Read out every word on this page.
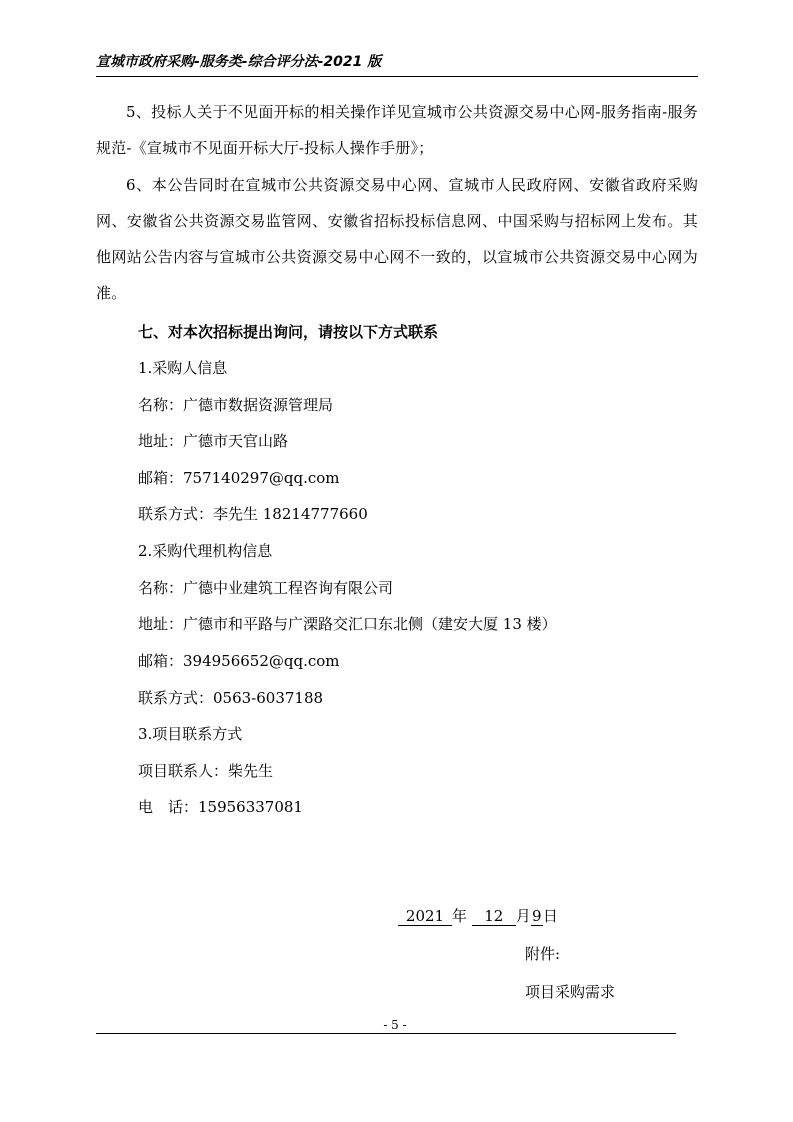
宣城市政府采购-服务类-综合评分法-2021 版

5、投标人关于不见面开标的相关操作详见宣城市公共资源交易中心网-服务指南-服务规范-《宣城市不见面开标大厅-投标人操作手册》；

6、本公告同时在宣城市公共资源交易中心网、宣城市人民政府网、安徽省政府采购网、安徽省公共资源交易监管网、安徽省招标投标信息网、中国采购与招标网上发布。其他网站公告内容与宣城市公共资源交易中心网不一致的，以宣城市公共资源交易中心网为准。

七、对本次招标提出询问，请按以下方式联系
1.采购人信息
名称：广德市数据资源管理局
地址：广德市天官山路
邮箱：757140297@qq.com
联系方式：李先生 18214777660
2.采购代理机构信息
名称：广德中业建筑工程咨询有限公司
地址：广德市和平路与广溧路交汇口东北侧（建安大厦 13 楼）
邮箱：394956652@qq.com
联系方式：0563-6037188
3.项目联系方式
项目联系人：柴先生
电　话：15956337081
2021 年 12 月9日
附件:
项目采购需求
- 5 -
